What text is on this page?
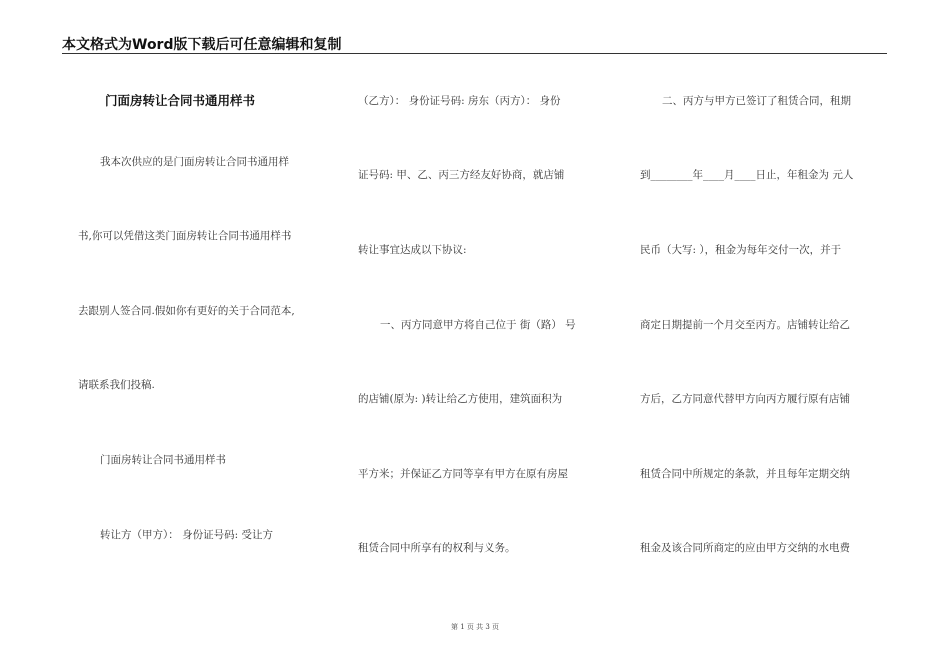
本文格式为Word版下载后可任意编辑和复制
门面房转让合同书通用样书
我本次供应的是门面房转让合同书通用样
书,你可以凭借这类门面房转让合同书通用样书
去跟别人签合同.假如你有更好的关于合同范本,
请联系我们投稿.
门面房转让合同书通用样书
转让方（甲方）： 身份证号码: 受让方
（乙方）： 身份证号码: 房东（丙方）： 身份
证号码: 甲、乙、丙三方经友好协商，就店铺
转让事宜达成以下协议:
一、丙方同意甲方将自己位于 街（路） 号
的店铺(原为: )转让给乙方使用，建筑面积为
平方米；并保证乙方同等享有甲方在原有房屋
租赁合同中所享有的权利与义务。
二、丙方与甲方已签订了租赁合同，租期
到________年____月____日止，年租金为 元人
民币（大写: ），租金为每年交付一次，并于
商定日期提前一个月交至丙方。店铺转让给乙
方后，乙方同意代替甲方向丙方履行原有店铺
租赁合同中所规定的条款，并且每年定期交纳
租金及该合同所商定的应由甲方交纳的水电费
第 1 页 共 3 页
